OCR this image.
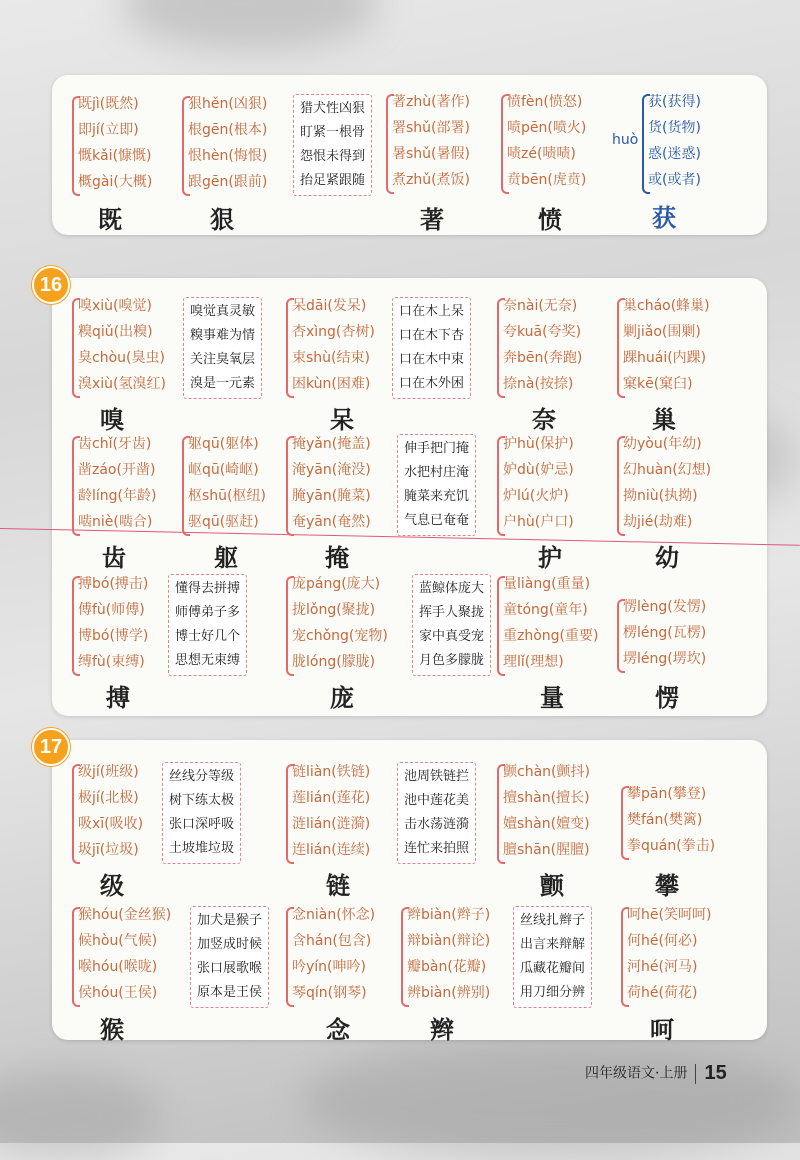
16
17
既jì(既然)
即jí(立即)
慨kǎi(慷慨)
概gài(大概)
既
狠hěn(凶狠)
根gēn(根本)
恨hèn(悔恨)
跟gēn(跟前)
猎犬性凶狠
盯紧一根骨
怨恨未得到
抬足紧跟随
狠
著zhù(著作)
署shǔ(部署)
暑shǔ(暑假)
煮zhǔ(煮饭)
著
愤fèn(愤怒)
喷pēn(喷火)
啧zé(啧啧)
贲bēn(虎贲)
愤
huò
获(获得)
货(货物)
惑(迷惑)
或(或者)
获
嗅xiù(嗅觉)
糗qiǔ(出糗)
臭chòu(臭虫)
溴xiù(氢溴红)
嗅觉真灵敏
糗事难为情
关注臭氧层
溴是一元素
嗅
呆dāi(发呆)
杏xìng(杏树)
束shù(结束)
困kùn(困难)
口在木上呆
口在木下杏
口在木中束
口在木外困
呆
奈nài(无奈)
夸kuā(夸奖)
奔bēn(奔跑)
捺nà(按捺)
奈
巢cháo(蜂巢)
剿jiǎo(围剿)
踝huái(内踝)
窠kē(窠臼)
巢
齿chǐ(牙齿)
凿záo(开凿)
龄líng(年龄)
啮niè(啮合)
齿
躯qū(躯体)
岖qū(崎岖)
枢shū(枢纽)
驱qū(驱赶)
躯
掩yǎn(掩盖)
淹yān(淹没)
腌yān(腌菜)
奄yān(奄然)
伸手把门掩
水把村庄淹
腌菜来充饥
气息已奄奄
掩
护hù(保护)
妒dù(妒忌)
炉lú(火炉)
户hù(户口)
护
幼yòu(年幼)
幻huàn(幻想)
拗niù(执拗)
劫jié(劫难)
幼
搏bó(搏击)
傅fù(师傅)
博bó(博学)
缚fù(束缚)
懂得去拼搏
师傅弟子多
博士好几个
思想无束缚
搏
庞páng(庞大)
拢lǒng(聚拢)
宠chǒng(宠物)
胧lóng(朦胧)
蓝鲸体庞大
挥手人聚拢
家中真受宠
月色多朦胧
庞
量liàng(重量)
童tóng(童年)
重zhòng(重要)
理lǐ(理想)
量
愣lèng(发愣)
楞léng(瓦楞)
塄léng(塄坎)
愣
级jí(班级)
极jí(北极)
吸xī(吸收)
圾jī(垃圾)
丝线分等级
树下练太极
张口深呼吸
土坡堆垃圾
级
链liàn(铁链)
莲lián(莲花)
涟lián(涟漪)
连lián(连续)
池周铁链拦
池中莲花美
击水荡涟漪
连忙来拍照
链
颤chàn(颤抖)
擅shàn(擅长)
嬗shàn(嬗变)
膻shān(腥膻)
颤
攀pān(攀登)
樊fán(樊篱)
拳quán(拳击)
攀
猴hóu(金丝猴)
候hòu(气候)
喉hóu(喉咙)
侯hóu(王侯)
加犬是猴子
加竖成时候
张口展歌喉
原本是王侯
猴
念niàn(怀念)
含hán(包含)
吟yín(呻吟)
琴qín(钢琴)
念
辫biàn(辫子)
辩biàn(辩论)
瓣bàn(花瓣)
辨biàn(辨别)
丝线扎辫子
出言来辩解
瓜藏花瓣间
用刀细分辨
辫
呵hē(笑呵呵)
何hé(何必)
河hé(河马)
荷hé(荷花)
呵
四年级语文·上册 15
